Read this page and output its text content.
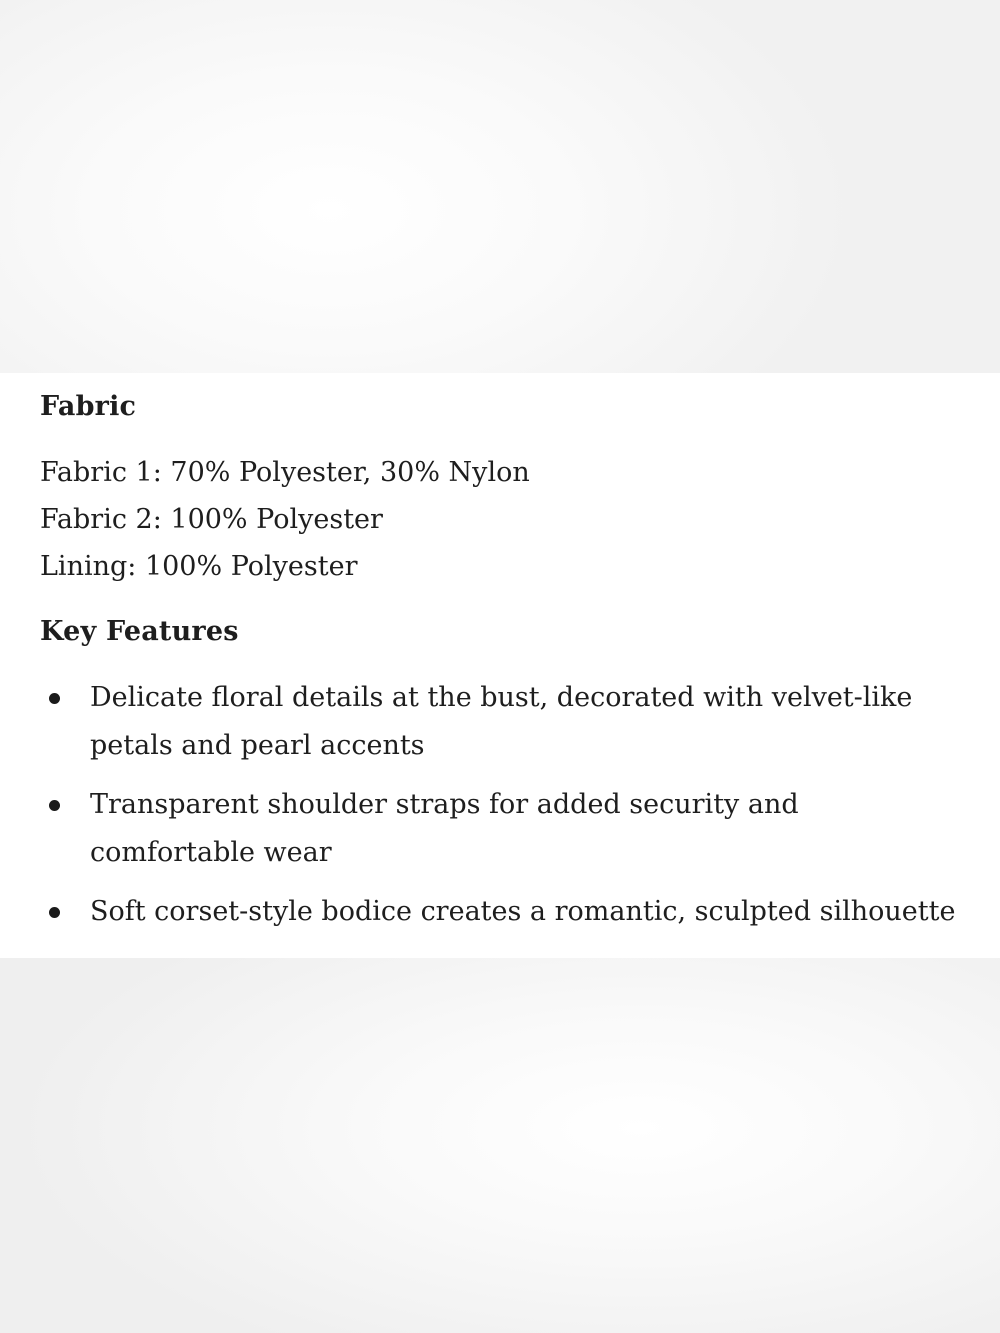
Fabric
Fabric 1: 70% Polyester, 30% Nylon
Fabric 2: 100% Polyester
Lining: 100% Polyester
Key Features
Delicate floral details at the bust, decorated with velvet-like petals and pearl accents
Transparent shoulder straps for added security and comfortable wear
Soft corset-style bodice creates a romantic, sculpted silhouette
